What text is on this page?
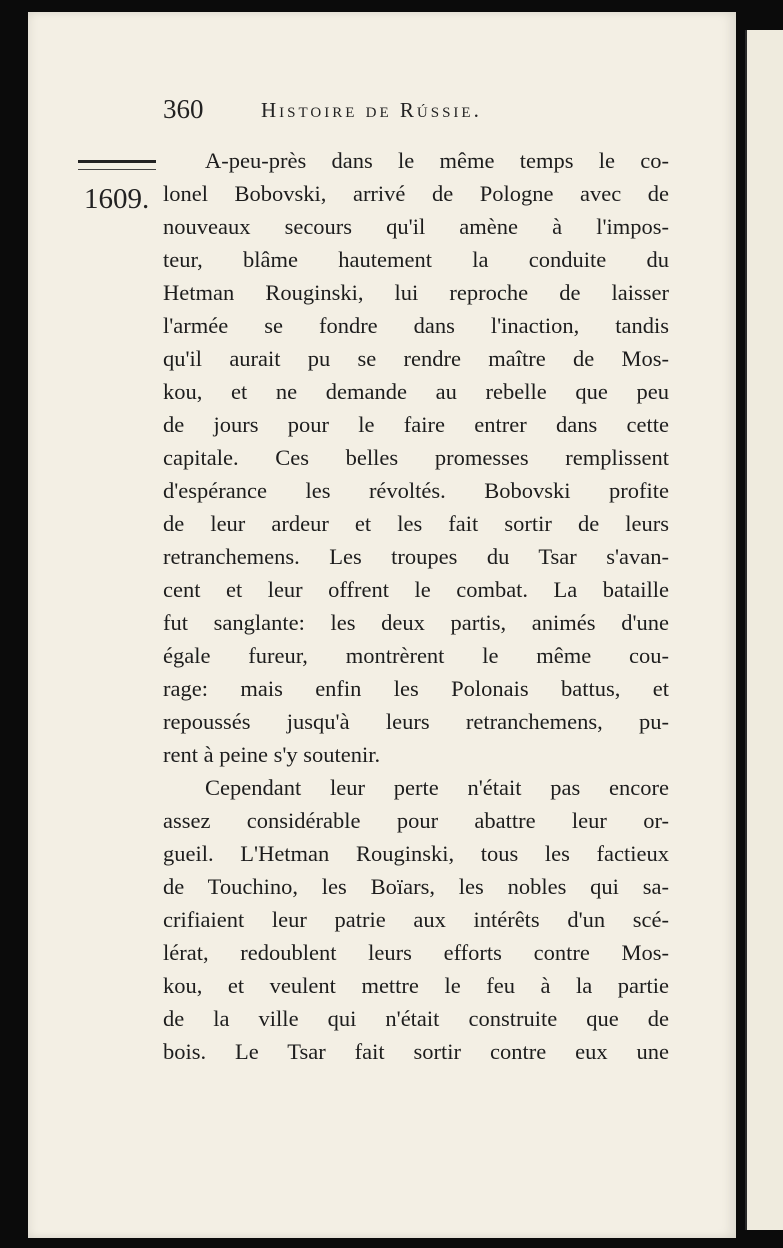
360	Histoire de Rússie.
1609.
A-peu-près dans le même temps le co-
lonel Bobovski, arrivé de Pologne avec de
nouveaux secours qu'il amène à l'impos-
teur, blâme hautement la conduite du
Hetman Rouginski, lui reproche de laisser
l'armée se fondre dans l'inaction, tandis
qu'il aurait pu se rendre maître de Mos-
kou, et ne demande au rebelle que peu
de jours pour le faire entrer dans cette
capitale. Ces belles promesses remplissent
d'espérance les révoltés. Bobovski profite
de leur ardeur et les fait sortir de leurs
retranchemens. Les troupes du Tsar s'avan-
cent et leur offrent le combat. La bataille
fut sanglante: les deux partis, animés d'une
égale fureur, montrèrent le même cou-
rage: mais enfin les Polonais battus, et
repoussés jusqu'à leurs retranchemens, pu-
rent à peine s'y soutenir.
Cependant leur perte n'était pas encore
assez considérable pour abattre leur or-
gueil. L'Hetman Rouginski, tous les factieux
de Touchino, les Boïars, les nobles qui sa-
crifiaient leur patrie aux intérêts d'un scé-
lérat, redoublent leurs efforts contre Mos-
kou, et veulent mettre le feu à la partie
de la ville qui n'était construite que de
bois. Le Tsar fait sortir contre eux une
